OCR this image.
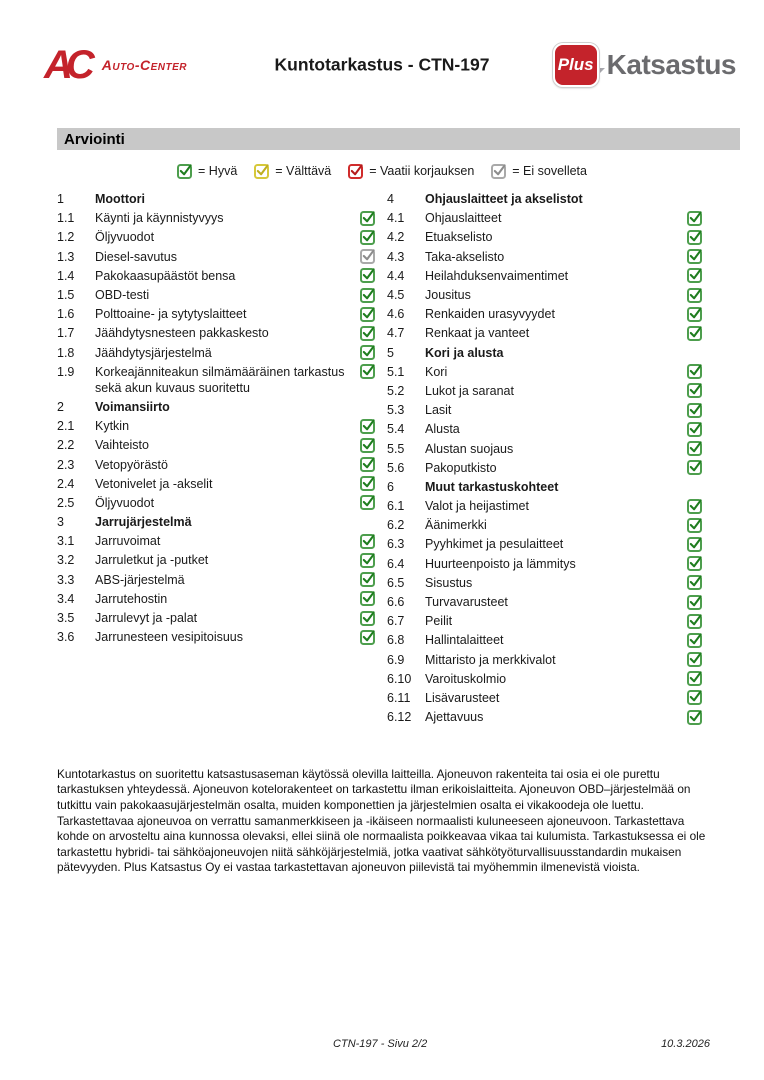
AC	Auto-Center	Kuntotarkastus - CTN-197	Plus Katsastus
Arviointi
= Hyvä	= Välttävä	= Vaatii korjauksen	= Ei sovelleta
1	Moottori
1.1	Käynti ja käynnistyvyys
1.2	Öljyvuodot
1.3	Diesel-savutus
1.4	Pakokaasupäästöt bensa
1.5	OBD-testi
1.6	Polttoaine- ja sytytyslaitteet
1.7	Jäähdytysnesteen pakkaskesto
1.8	Jäähdytysjärjestelmä
1.9	Korkeajänniteakun silmämääräinen tarkastus sekä akun kuvaus suoritettu
2	Voimansiirto
2.1	Kytkin
2.2	Vaihteisto
2.3	Vetopyörästö
2.4	Vetonivelet ja -akselit
2.5	Öljyvuodot
3	Jarrujärjestelmä
3.1	Jarruvoimat
3.2	Jarruletkut ja -putket
3.3	ABS-järjestelmä
3.4	Jarrutehostin
3.5	Jarrulevyt ja -palat
3.6	Jarrunesteen vesipitoisuus
4	Ohjauslaitteet ja akselistot
4.1	Ohjauslaitteet
4.2	Etuakselisto
4.3	Taka-akselisto
4.4	Heilahduksenvaimentimet
4.5	Jousitus
4.6	Renkaiden urasyvyydet
4.7	Renkaat ja vanteet
5	Kori ja alusta
5.1	Kori
5.2	Lukot ja saranat
5.3	Lasit
5.4	Alusta
5.5	Alustan suojaus
5.6	Pakoputkisto
6	Muut tarkastuskohteet
6.1	Valot ja heijastimet
6.2	Äänimerkki
6.3	Pyyhkimet ja pesulaitteet
6.4	Huurteenpoisto ja lämmitys
6.5	Sisustus
6.6	Turvavarusteet
6.7	Peilit
6.8	Hallintalaitteet
6.9	Mittaristo ja merkkivalot
6.10	Varoituskolmio
6.11	Lisävarusteet
6.12	Ajettavuus

Kuntotarkastus on suoritettu katsastusaseman käytössä olevilla laitteilla. Ajoneuvon rakenteita tai osia ei ole purettu tarkastuksen yhteydessä. Ajoneuvon kotelorakenteet on tarkastettu ilman erikoislaitteita. Ajoneuvon OBD–järjestelmää on tutkittu vain pakokaasujärjestelmän osalta, muiden komponettien ja järjestelmien osalta ei vikakoodeja ole luettu. Tarkastettavaa ajoneuvoa on verrattu samanmerkkiseen ja -ikäiseen normaalisti kuluneeseen ajoneuvoon. Tarkastettava kohde on arvosteltu aina kunnossa olevaksi, ellei siinä ole normaalista poikkeavaa vikaa tai kulumista. Tarkastuksessa ei ole tarkastettu hybridi- tai sähköajoneuvojen niitä sähköjärjestelmiä, jotka vaativat sähkötyöturvallisuusstandardin mukaisen pätevyyden. Plus Katsastus Oy ei vastaa tarkastettavan ajoneuvon piilevistä tai myöhemmin ilmenevistä vioista.

CTN-197 - Sivu 2/2	10.3.2026
